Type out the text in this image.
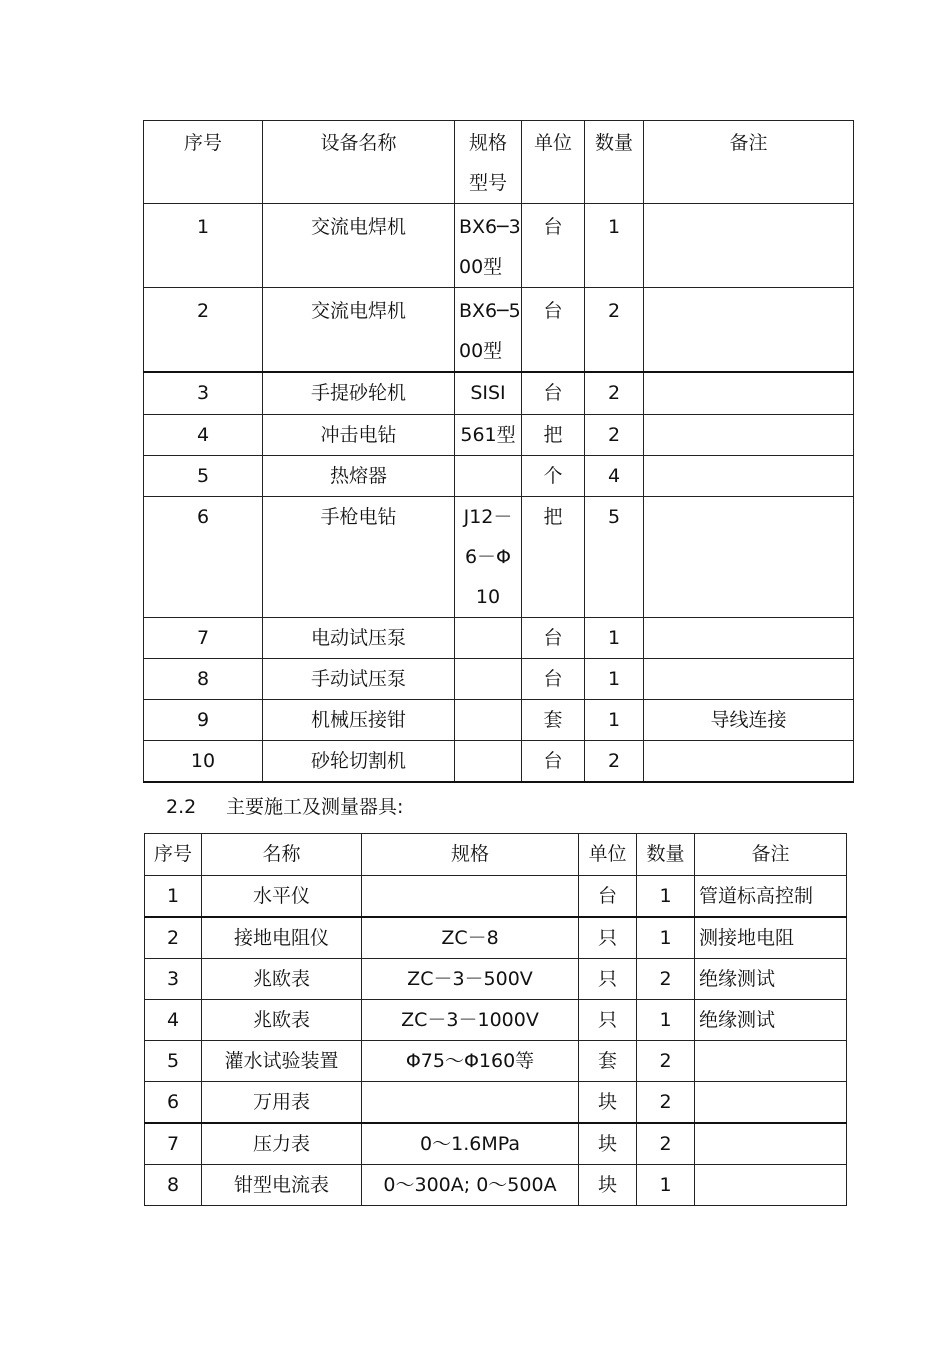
序号	设备名称	规格型号	单位	数量	备注
1	交流电焊机	BX6─300型	台	1	
2	交流电焊机	BX6─500型	台	2	
3	手提砂轮机	SISI	台	2	
4	冲击电钻	561型	把	2	
5	热熔器		个	4	
6	手枪电钻	J12－6－Φ10	把	5	
7	电动试压泵		台	1	
8	手动试压泵		台	1	
9	机械压接钳		套	1	导线连接
10	砂轮切割机		台	2	
2.2 主要施工及测量器具:
序号	名称	规格	单位	数量	备注
1	水平仪		台	1	管道标高控制
2	接地电阻仪	ZC－8	只	1	测接地电阻
3	兆欧表	ZC－3－500V	只	2	绝缘测试
4	兆欧表	ZC－3－1000V	只	1	绝缘测试
5	灌水试验装置	Φ75～Φ160等	套	2	
6	万用表		块	2	
7	压力表	0～1.6MPa	块	2	
8	钳型电流表	0～300A; 0～500A	块	1	
